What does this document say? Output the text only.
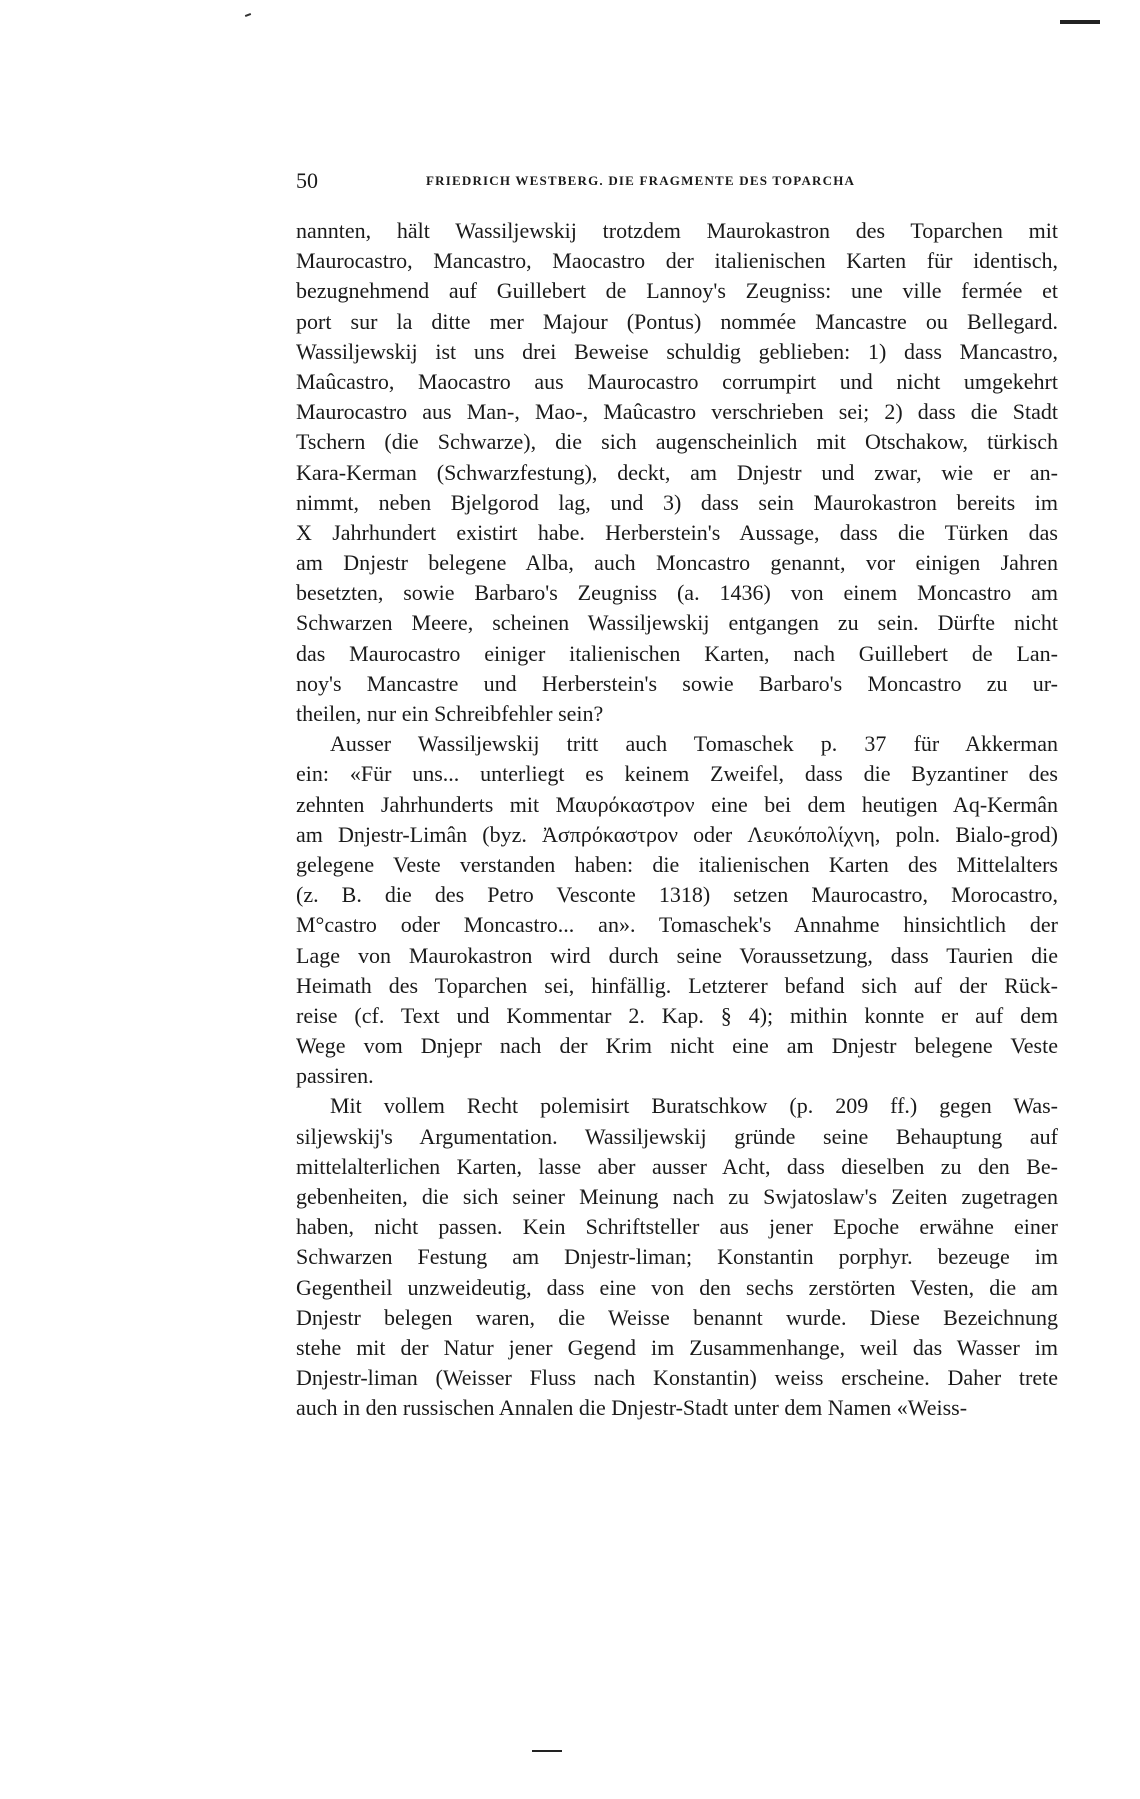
50	FRIEDRICH WESTBERG. DIE FRAGMENTE DES TOPARCHA
nannten, hält Wassiljewskij trotzdem Maurokastron des Toparchen mit
Maurocastro, Mancastro, Maocastro der italienischen Karten für identisch,
bezugnehmend auf Guillebert de Lannoy's Zeugniss: une ville fermée et
port sur la ditte mer Majour (Pontus) nommée Mancastre ou Bellegard.
Wassiljewskij ist uns drei Beweise schuldig geblieben: 1) dass Mancastro,
Maûcastro, Maocastro aus Maurocastro corrumpirt und nicht umgekehrt
Maurocastro aus Man-, Mao-, Maûcastro verschrieben sei; 2) dass die Stadt
Tschern (die Schwarze), die sich augenscheinlich mit Otschakow, türkisch
Kara-Kerman (Schwarzfestung), deckt, am Dnjestr und zwar, wie er an-
nimmt, neben Bjelgorod lag, und 3) dass sein Maurokastron bereits im
X Jahrhundert existirt habe. Herberstein's Aussage, dass die Türken das
am Dnjestr belegene Alba, auch Moncastro genannt, vor einigen Jahren
besetzten, sowie Barbaro's Zeugniss (a. 1436) von einem Moncastro am
Schwarzen Meere, scheinen Wassiljewskij entgangen zu sein. Dürfte nicht
das Maurocastro einiger italienischen Karten, nach Guillebert de Lan-
noy's Mancastre und Herberstein's sowie Barbaro's Moncastro zu ur-
theilen, nur ein Schreibfehler sein?
Ausser Wassiljewskij tritt auch Tomaschek p. 37 für Akkerman
ein: «Für uns... unterliegt es keinem Zweifel, dass die Byzantiner des
zehnten Jahrhunderts mit Μαυρόκαστρον eine bei dem heutigen Aq-Kermân
am Dnjestr-Limân (byz. Ἀσπρόκαστρον oder Λευκόπολίχνη, poln. Bialo-grod)
gelegene Veste verstanden haben: die italienischen Karten des Mittelalters
(z. B. die des Petro Vesconte 1318) setzen Maurocastro, Morocastro,
M°castro oder Moncastro... an». Tomaschek's Annahme hinsichtlich der
Lage von Maurokastron wird durch seine Voraussetzung, dass Taurien die
Heimath des Toparchen sei, hinfällig. Letzterer befand sich auf der Rück-
reise (cf. Text und Kommentar 2. Kap. § 4); mithin konnte er auf dem
Wege vom Dnjepr nach der Krim nicht eine am Dnjestr belegene Veste
passiren.
Mit vollem Recht polemisirt Buratschkow (p. 209 ff.) gegen Was-
siljewskij's Argumentation. Wassiljewskij gründe seine Behauptung auf
mittelalterlichen Karten, lasse aber ausser Acht, dass dieselben zu den Be-
gebenheiten, die sich seiner Meinung nach zu Swjatoslaw's Zeiten zugetragen
haben, nicht passen. Kein Schriftsteller aus jener Epoche erwähne einer
Schwarzen Festung am Dnjestr-liman; Konstantin porphyr. bezeuge im
Gegentheil unzweideutig, dass eine von den sechs zerstörten Vesten, die am
Dnjestr belegen waren, die Weisse benannt wurde. Diese Bezeichnung
stehe mit der Natur jener Gegend im Zusammenhange, weil das Wasser im
Dnjestr-liman (Weisser Fluss nach Konstantin) weiss erscheine. Daher trete
auch in den russischen Annalen die Dnjestr-Stadt unter dem Namen «Weiss-
